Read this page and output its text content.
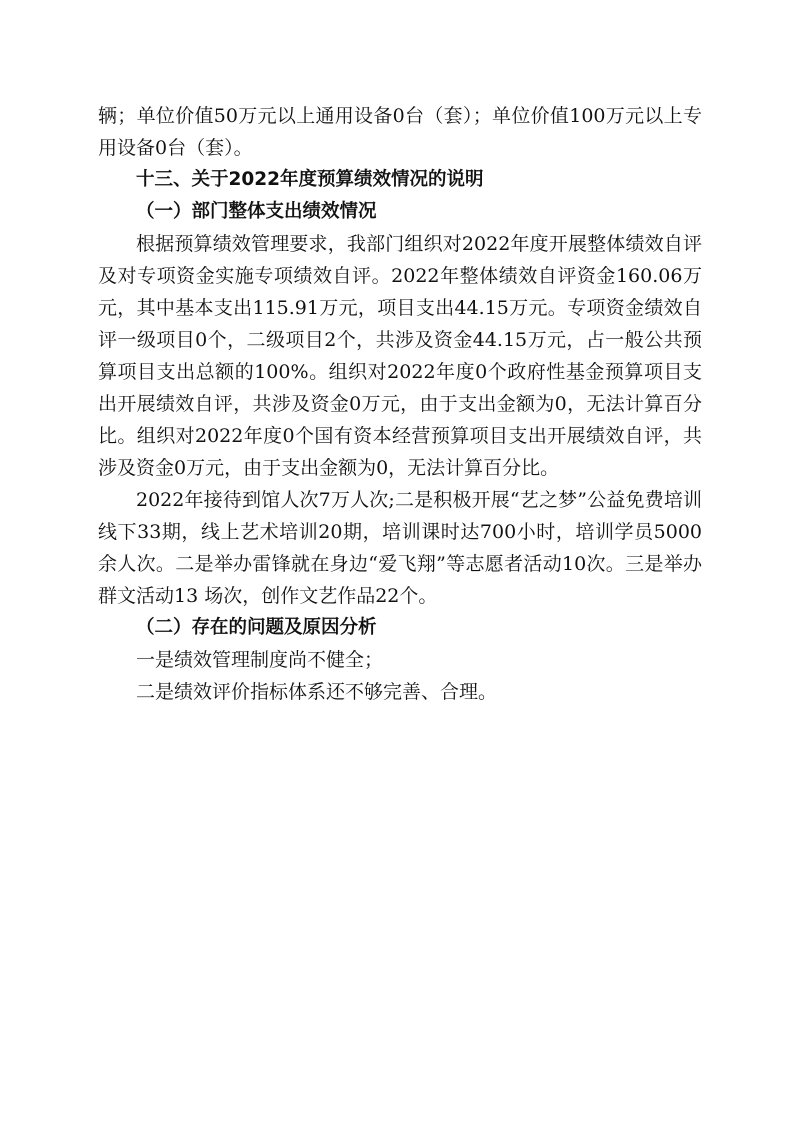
辆；单位价值50万元以上通用设备0台（套）；单位价值100万元以上专用设备0台（套）。

十三、关于2022年度预算绩效情况的说明

（一）部门整体支出绩效情况

根据预算绩效管理要求，我部门组织对2022年度开展整体绩效自评及对专项资金实施专项绩效自评。2022年整体绩效自评资金160.06万元，其中基本支出115.91万元，项目支出44.15万元。专项资金绩效自评一级项目0个，二级项目2个，共涉及资金44.15万元，占一般公共预算项目支出总额的100%。组织对2022年度0个政府性基金预算项目支出开展绩效自评，共涉及资金0万元，由于支出金额为0，无法计算百分比。组织对2022年度0个国有资本经营预算项目支出开展绩效自评，共涉及资金0万元，由于支出金额为0，无法计算百分比。

2022年接待到馆人次7万人次;二是积极开展“艺之梦”公益免费培训线下33期，线上艺术培训20期，培训课时达700小时，培训学员5000余人次。二是举办雷锋就在身边“爱飞翔”等志愿者活动10次。三是举办群文活动13 场次，创作文艺作品22个。

（二）存在的问题及原因分析

一是绩效管理制度尚不健全；

二是绩效评价指标体系还不够完善、合理。
